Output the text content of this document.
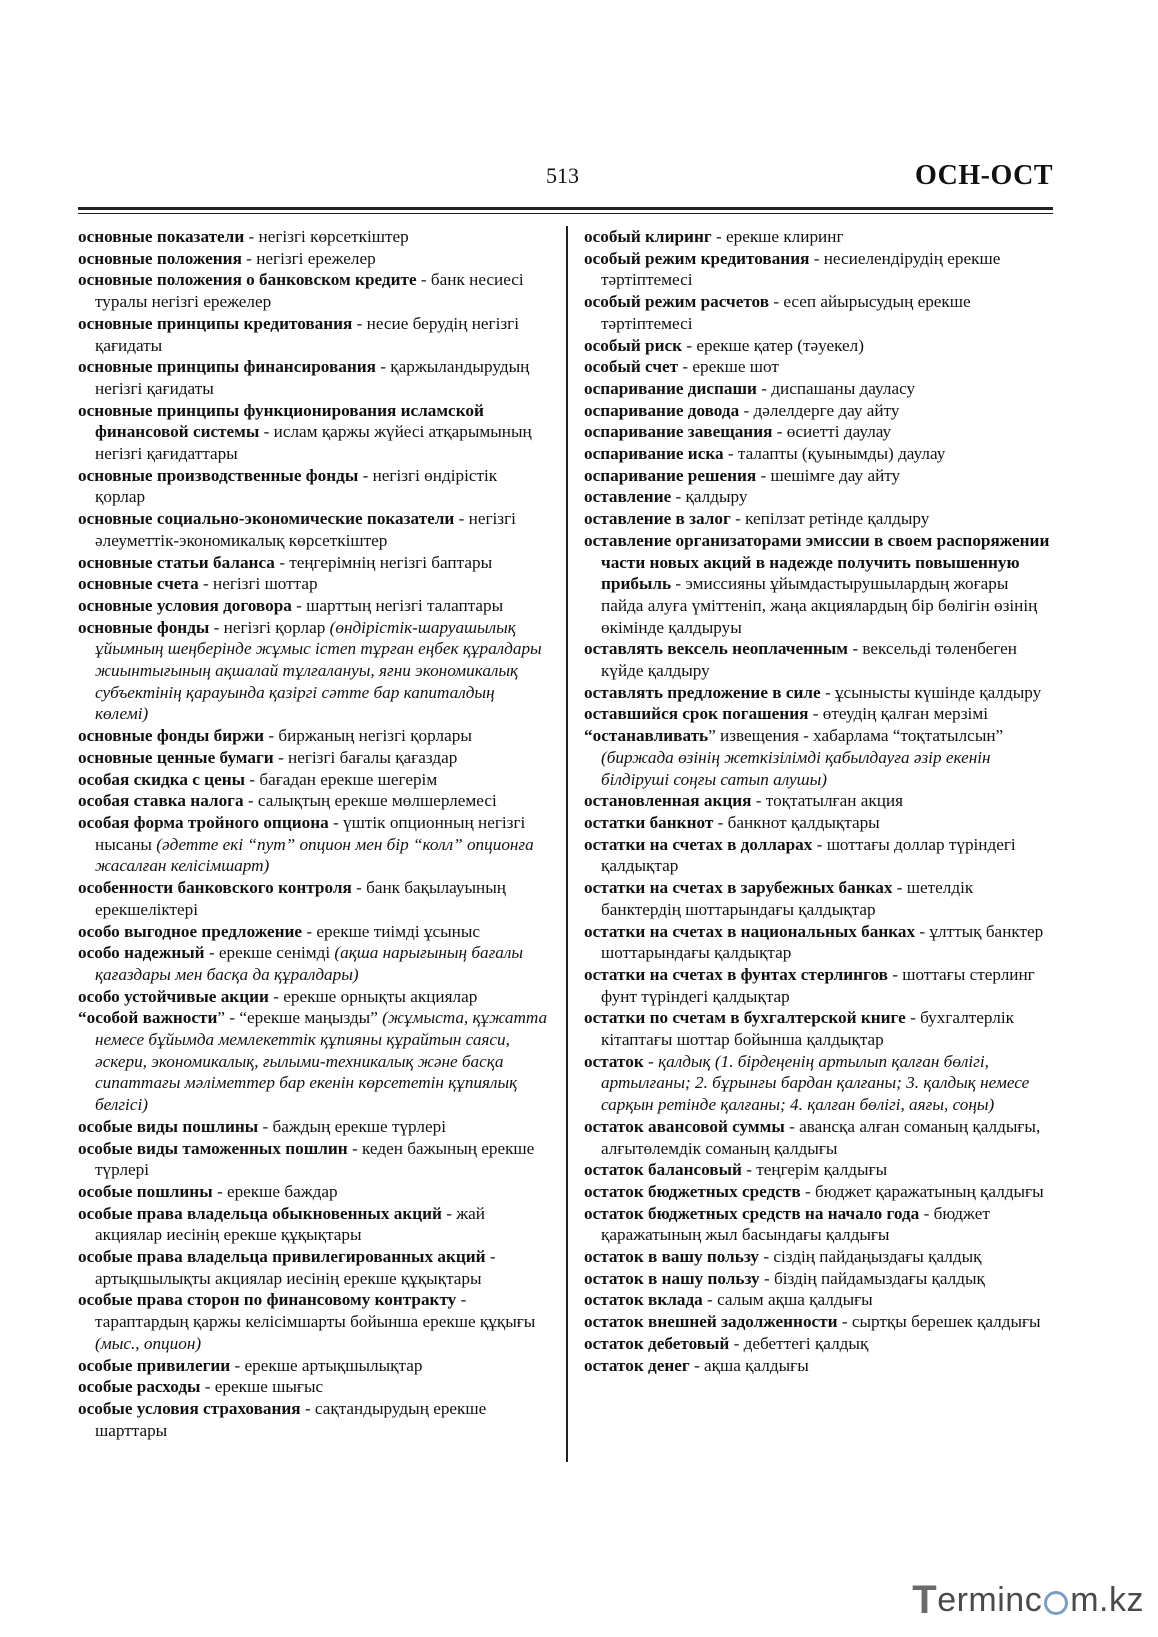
513	ОСН-ОСТ

основные показатели - негізгі көрсеткіштер

основные положения - негізгі ережелер

основные положения о банковском кредите - банк несиесі туралы негізгі ережелер

основные принципы кредитования - несие берудің негізгі қағидаты

основные принципы финансирования - қаржыландырудың негізгі қағидаты

основные принципы функционирования исламской финансовой системы - ислам қаржы жүйесі атқарымының негізгі қағидаттары

основные производственные фонды - негізгі өндірістік қорлар

основные социально-экономические показатели - негізгі әлеуметтік-экономикалық көрсеткіштер

основные статьи баланса - теңгерімнің негізгі баптары

основные счета - негізгі шоттар

основные условия договора - шарттың негізгі талаптары

основные фонды - негізгі қорлар (өндірістік-шаруашылық ұйымның шеңберінде жұмыс істеп тұрған еңбек құралдары жиынтығының ақшалай тұлғалануы, яғни экономикалық субъектінің қарауында қазіргі сәтте бар капиталдың көлемі)

основные фонды биржи - биржаның негізгі қорлары

основные ценные бумаги - негізгі бағалы қағаздар

особая скидка с цены - бағадан ерекше шегерім

особая ставка налога - салықтың ерекше мөлшерлемесі

особая форма тройного опциона - үштік опционның негізгі нысаны (әдетте екі “пут” опцион мен бір “колл” опционға жасалған келісімшарт)

особенности банковского контроля - банк бақылауының ерекшеліктері

особо выгодное предложение - ерекше тиімді ұсыныс

особо надежный - ерекше сенімді (ақша нарығының бағалы қағаздары мен басқа да құралдары)

особо устойчивые акции - ерекше орнықты акциялар

“особой важности” - “ерекше маңызды” (жұмыста, құжатта немесе бұйымда мемлекеттік құпияны құрайтын саяси, әскери, экономикалық, ғылыми-техникалық және басқа сипаттағы мәліметтер бар екенін көрсететін құпиялық белгісі)

особые виды пошлины - баждың ерекше түрлері

особые виды таможенных пошлин - кеден бажының ерекше түрлері

особые пошлины - ерекше баждар

особые права владельца обыкновенных акций - жай акциялар иесінің ерекше құқықтары

особые права владельца привилегированных акций - артықшылықты акциялар иесінің ерекше құқықтары

особые права сторон по финансовому контракту - тараптардың қаржы келісімшарты бойынша ерекше құқығы (мыс., опцион)

особые привилегии - ерекше артықшылықтар

особые расходы - ерекше шығыс

особые условия страхования - сақтандырудың ерекше шарттары

особый клиринг - ерекше клиринг

особый режим кредитования - несиелендірудің ерекше тәртіптемесі

особый режим расчетов - есеп айырысудың ерекше тәртіптемесі

особый риск - ерекше қатер (тәуекел)

особый счет - ерекше шот

оспаривание диспаши - диспашаны дауласу

оспаривание довода - дәлелдерге дау айту

оспаривание завещания - өсиетті даулау

оспаривание иска - талапты (қуынымды) даулау

оспаривание решения - шешімге дау айту

оставление - қалдыру

оставление в залог - кепілзат ретінде қалдыру

оставление организаторами эмиссии в своем распоряжении части новых акций в надежде получить повышенную прибыль - эмиссияны ұйымдастырушылардың жоғары пайда алуға үміттеніп, жаңа акциялардың бір бөлігін өзінің өкімінде қалдыруы

оставлять вексель неоплаченным - вексельді төленбеген күйде қалдыру

оставлять предложение в силе - ұсынысты күшінде қалдыру

оставшийся срок погашения - өтеудің қалған мерзімі

“останавливать” извещения - хабарлама “тоқтатылсын” (биржада өзінің жеткізілімді қабылдауға әзір екенін білдіруші соңғы сатып алушы)

остановленная акция - тоқтатылған акция

остатки банкнот - банкнот қалдықтары

остатки на счетах в долларах - шоттағы доллар түріндегі қалдықтар

остатки на счетах в зарубежных банках - шетелдік банктердің шоттарындағы қалдықтар

остатки на счетах в национальных банках - ұлттық банктер шоттарындағы қалдықтар

остатки на счетах в фунтах стерлингов - шоттағы стерлинг фунт түріндегі қалдықтар

остатки по счетам в бухгалтерской книге - бухгалтерлік кітаптағы шоттар бойынша қалдықтар

остаток - қалдық (1. бірдеңенің артылып қалған бөлігі, артылғаны; 2. бұрынғы бардан қалғаны; 3. қалдық немесе сарқын ретінде қалғаны; 4. қалған бөлігі, аяғы, соңы)

остаток авансовой суммы - авансқа алған соманың қалдығы, алғытөлемдік соманың қалдығы

остаток балансовый - теңгерім қалдығы

остаток бюджетных средств - бюджет қаражатының қалдығы

остаток бюджетных средств на начало года - бюджет қаражатының жыл басындағы қалдығы

остаток в вашу пользу - сіздің пайдаңыздағы қалдық

остаток в нашу пользу - біздің пайдамыздағы қалдық

остаток вклада - салым ақша қалдығы

остаток внешней задолженности - сыртқы берешек қалдығы

остаток дебетовый - дебеттегі қалдық

остаток денег - ақша қалдығы

T erminc m.kz
